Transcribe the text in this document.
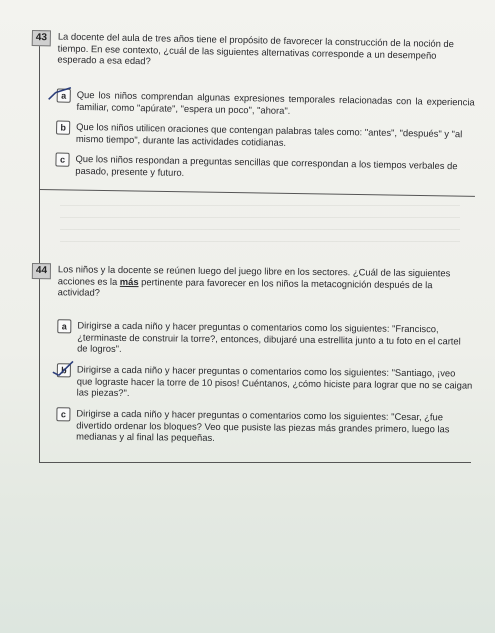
43	La docente del aula de tres años tiene el propósito de favorecer la construcción de la noción de tiempo. En ese contexto, ¿cuál de las siguientes alternativas corresponde a un desempeño esperado a esa edad?
a	Que los niños comprendan algunas expresiones temporales relacionadas con la experiencia familiar, como "apúrate", "espera un poco", "ahora".
b	Que los niños utilicen oraciones que contengan palabras tales como: "antes", "después" y "al mismo tiempo", durante las actividades cotidianas.
c	Que los niños respondan a preguntas sencillas que correspondan a los tiempos verbales de pasado, presente y futuro.
44	Los niños y la docente se reúnen luego del juego libre en los sectores. ¿Cuál de las siguientes acciones es la más pertinente para favorecer en los niños la metacognición después de la actividad?
a	Dirigirse a cada niño y hacer preguntas o comentarios como los siguientes: "Francisco, ¿terminaste de construir la torre?, entonces, dibujaré una estrellita junto a tu foto en el cartel de logros".
b	Dirigirse a cada niño y hacer preguntas o comentarios como los siguientes: "Santiago, ¡veo que lograste hacer la torre de 10 pisos! Cuéntanos, ¿cómo hiciste para lograr que no se caigan las piezas?".
c	Dirigirse a cada niño y hacer preguntas o comentarios como los siguientes: "Cesar, ¿fue divertido ordenar los bloques? Veo que pusiste las piezas más grandes primero, luego las medianas y al final las pequeñas.
